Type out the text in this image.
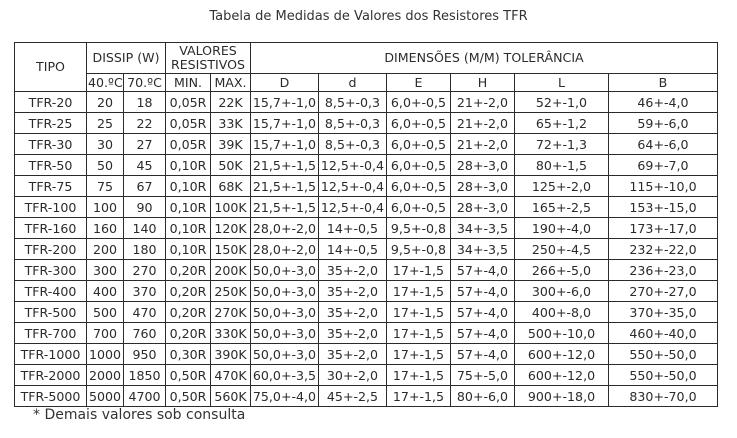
Tabela de Medidas de Valores dos Resistores TFR
TIPO	DISSIP (W)		VALORES
RESISTIVOS		DIMENSÕES (M/M) TOLERÂNCIA					
	40.ºC	70.ºC	MIN.	MAX.	D	d	E	H	L	B
TFR-20	20	18	0,05R	22K	15,7+-1,0	8,5+-0,3	6,0+-0,5	21+-2,0	52+-1,0	46+-4,0
TFR-25	25	22	0,05R	33K	15,7+-1,0	8,5+-0,3	6,0+-0,5	21+-2,0	65+-1,2	59+-6,0
TFR-30	30	27	0,05R	39K	15,7+-1,0	8,5+-0,3	6,0+-0,5	21+-2,0	72+-1,3	64+-6,0
TFR-50	50	45	0,10R	50K	21,5+-1,5	12,5+-0,4	6,0+-0,5	28+-3,0	80+-1,5	69+-7,0
TFR-75	75	67	0,10R	68K	21,5+-1,5	12,5+-0,4	6,0+-0,5	28+-3,0	125+-2,0	115+-10,0
TFR-100	100	90	0,10R	100K	21,5+-1,5	12,5+-0,4	6,0+-0,5	28+-3,0	165+-2,5	153+-15,0
TFR-160	160	140	0,10R	120K	28,0+-2,0	14+-0,5	9,5+-0,8	34+-3,5	190+-4,0	173+-17,0
TFR-200	200	180	0,10R	150K	28,0+-2,0	14+-0,5	9,5+-0,8	34+-3,5	250+-4,5	232+-22,0
TFR-300	300	270	0,20R	200K	50,0+-3,0	35+-2,0	17+-1,5	57+-4,0	266+-5,0	236+-23,0
TFR-400	400	370	0,20R	250K	50,0+-3,0	35+-2,0	17+-1,5	57+-4,0	300+-6,0	270+-27,0
TFR-500	500	470	0,20R	270K	50,0+-3,0	35+-2,0	17+-1,5	57+-4,0	400+-8,0	370+-35,0
TFR-700	700	760	0,20R	330K	50,0+-3,0	35+-2,0	17+-1,5	57+-4,0	500+-10,0	460+-40,0
TFR-1000	1000	950	0,30R	390K	50,0+-3,0	35+-2,0	17+-1,5	57+-4,0	600+-12,0	550+-50,0
TFR-2000	2000	1850	0,50R	470K	60,0+-3,5	30+-2,0	17+-1,5	75+-5,0	600+-12,0	550+-50,0
TFR-5000	5000	4700	0,50R	560K	75,0+-4,0	45+-2,5	17+-1,5	80+-6,0	900+-18,0	830+-70,0
* Demais valores sob consulta
